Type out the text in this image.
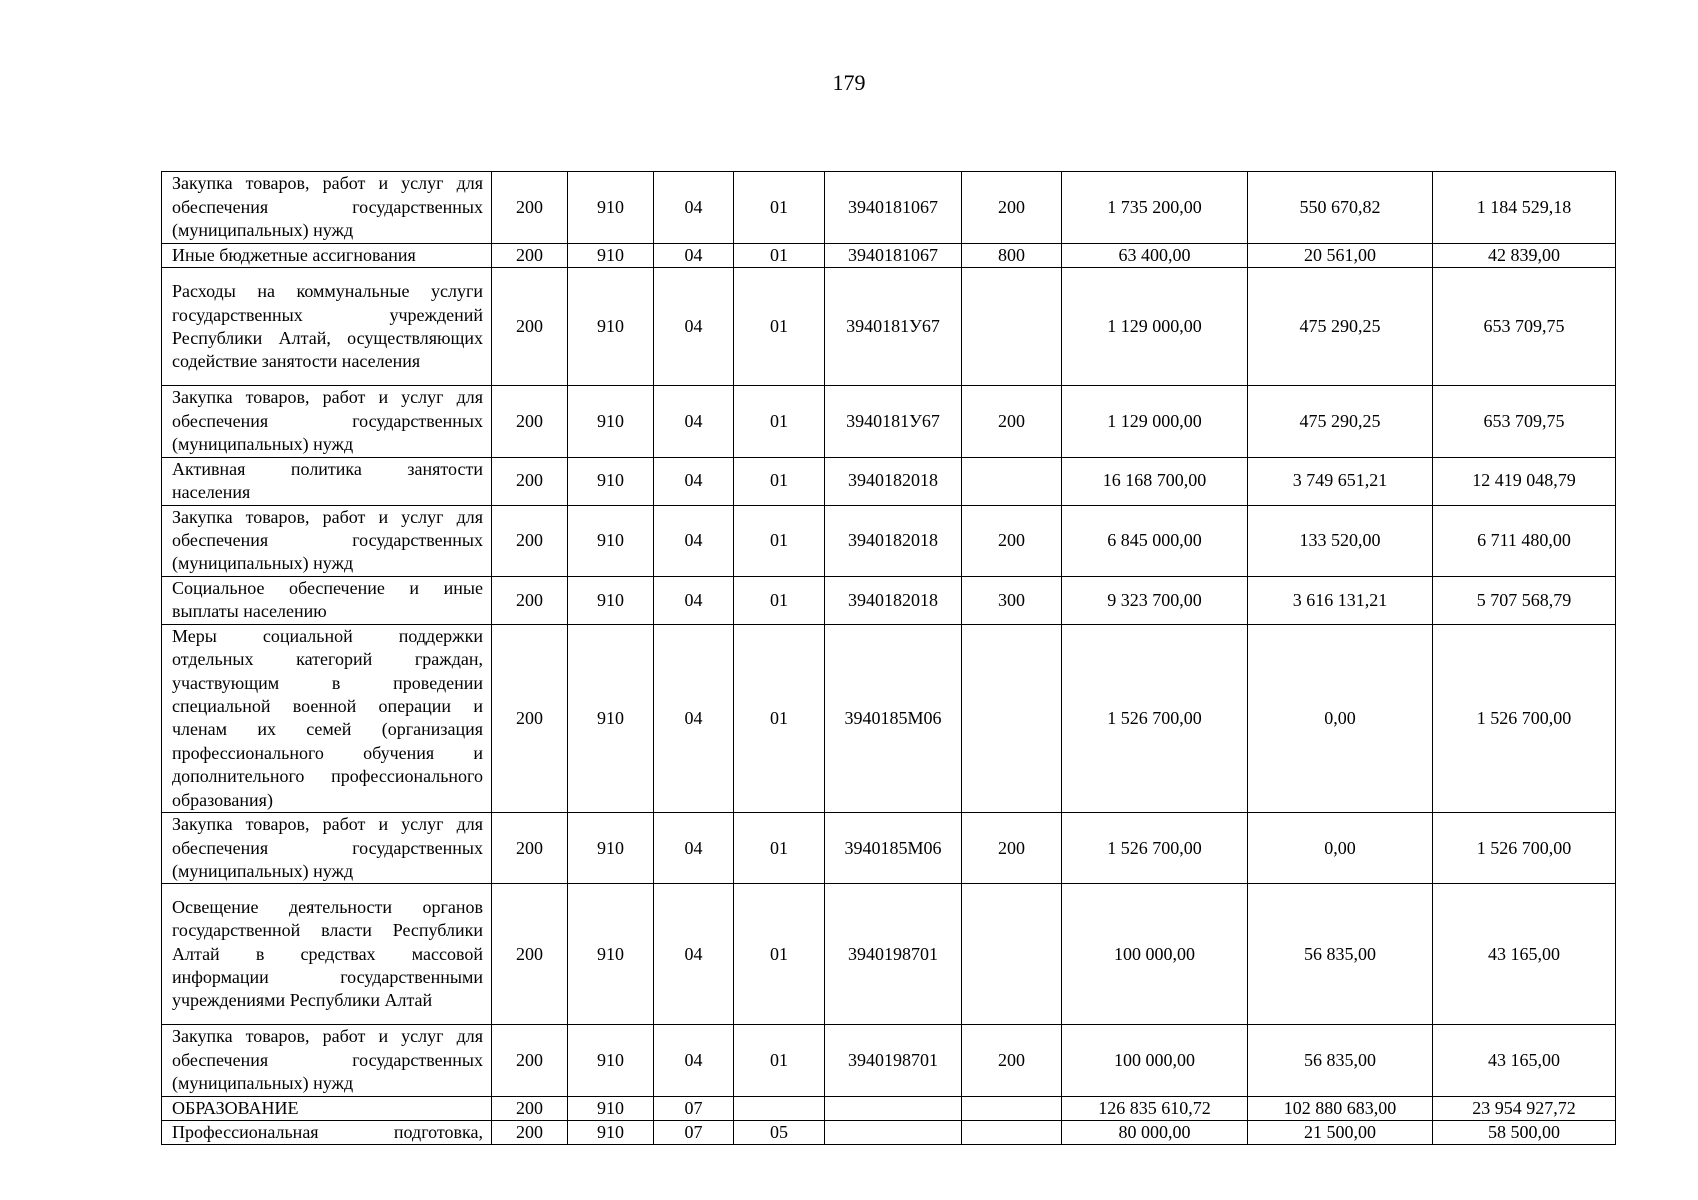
179
Закупка товаров, работ и услуг для обеспечения государственных (муниципальных) нужд	200	910	04	01	3940181067	200	1 735 200,00	550 670,82	1 184 529,18
Иные бюджетные ассигнования	200	910	04	01	3940181067	800	63 400,00	20 561,00	42 839,00
Расходы на коммунальные услуги государственных учреждений Республики Алтай, осуществляющих содействие занятости населения	200	910	04	01	3940181У67		1 129 000,00	475 290,25	653 709,75
Закупка товаров, работ и услуг для обеспечения государственных (муниципальных) нужд	200	910	04	01	3940181У67	200	1 129 000,00	475 290,25	653 709,75
Активная политика занятости населения	200	910	04	01	3940182018		16 168 700,00	3 749 651,21	12 419 048,79
Закупка товаров, работ и услуг для обеспечения государственных (муниципальных) нужд	200	910	04	01	3940182018	200	6 845 000,00	133 520,00	6 711 480,00
Социальное обеспечение и иные выплаты населению	200	910	04	01	3940182018	300	9 323 700,00	3 616 131,21	5 707 568,79
Меры социальной поддержки отдельных категорий граждан, участвующим в проведении специальной военной операции и членам их семей (организация профессионального обучения и дополнительного профессионального образования)	200	910	04	01	3940185М06		1 526 700,00	0,00	1 526 700,00
Закупка товаров, работ и услуг для обеспечения государственных (муниципальных) нужд	200	910	04	01	3940185М06	200	1 526 700,00	0,00	1 526 700,00
Освещение деятельности органов государственной власти Республики Алтай в средствах массовой информации государственными учреждениями Республики Алтай	200	910	04	01	3940198701		100 000,00	56 835,00	43 165,00
Закупка товаров, работ и услуг для обеспечения государственных (муниципальных) нужд	200	910	04	01	3940198701	200	100 000,00	56 835,00	43 165,00
ОБРАЗОВАНИЕ	200	910	07				126 835 610,72	102 880 683,00	23 954 927,72
Профессиональная подготовка,	200	910	07	05			80 000,00	21 500,00	58 500,00
